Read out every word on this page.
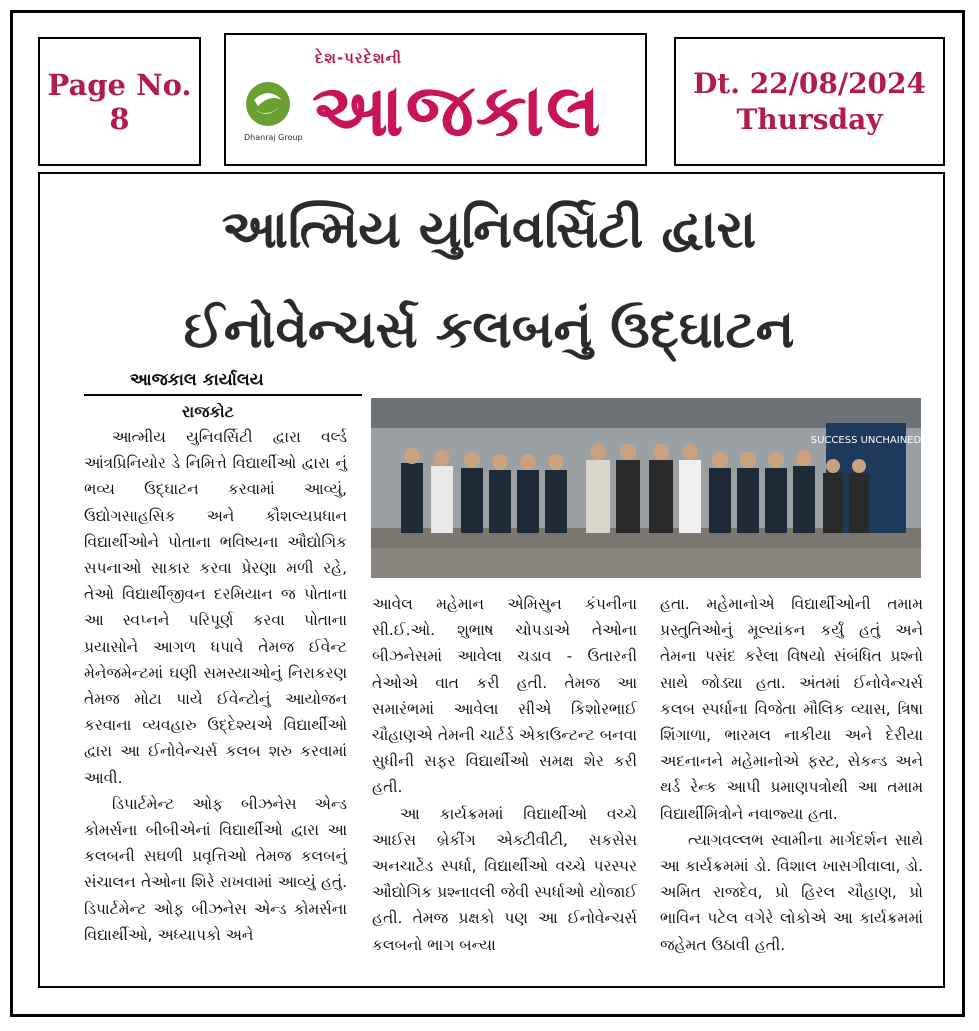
Page No.
8
Dhanraj Group
દેશ-પરદેશની
આજકાલ	Dt. 22/08/2024
Thursday
આત્મિય યુનિવર્સિટી દ્વારા
ઈનોવેન્ચર્સ કલબનું ઉદ્ઘાટન
આજકાલ કાર્યાલય
રાજકોટ
SUCCESS UNCHAINED

આત્મીય યુનિવર્સિટી દ્વારા વર્લ્ડ આંત્રપ્રિનિયોર ડે નિમિત્તે વિદ્યાર્થીઓ દ્વારા નું ભવ્ય ઉદ્ઘાટન કરવામાં આવ્યું, ઉદ્યોગસાહસિક અને કૌશલ્યપ્રધાન વિદ્યાર્થીઓને પોતાના ભવિષ્યના ઔદ્યોગિક સપનાઓ સાકાર કરવા પ્રેરણા મળી રહે, તેઓ વિદ્યાર્થીજીવન દરમિયાન જ પોતાના આ સ્વપ્નને પરિપૂર્ણ કરવા પોતાના પ્રયાસોને આગળ ધપાવે તેમજ ઈવેન્ટ મેનેજમેન્ટમાં ઘણી સમસ્યાઓનું નિરાકરણ તેમજ મોટા પાયે ઈવેન્ટોનું આયોજન કરવાના વ્યવહારુ ઉદ્દેશ્યએ વિદ્યાર્થીઓ દ્વારા આ ઈનોવેન્ચર્સ કલબ શરુ કરવામાં આવી.

ડિપાર્ટમેન્ટ ઓફ બીઝનેસ એન્ડ કોમર્સના બીબીએનાં વિદ્યાર્થીઓ દ્વારા આ કલબની સઘળી પ્રવૃત્તિઓ તેમજ કલબનું સંચાલન તેઓના શિરે રાખવામાં આવ્યું હતું. ડિપાર્ટમેન્ટ ઓફ બીઝનેસ એન્ડ કોમર્સના વિદ્યાર્થીઓ, અધ્યાપકો અને

આવેલ મહેમાન એમિસુન કંપનીના સી.ઈ.ઓ. શુભાષ ચોપડાએ તેઓના બીઝનેસમાં આવેલા ચડાવ - ઉતારની તેઓએ વાત કરી હતી. તેમજ આ સમારંભમાં આવેલા સીએ કિશોરભાઈ ચૌહાણએ તેમની ચાર્ટર્ડ એકાઉન્ટન્ટ બનવા સુધીની સફર વિદ્યાર્થીઓ સમક્ષ શેર કરી હતી.

આ કાર્યક્રમમાં વિદ્યાર્થીઓ વચ્ચે આઈસ બ્રેકીંગ એક્ટીવીટી, સકસેસ અનચાર્ટેડ સ્પર્ધા, વિદ્યાર્થીઓ વચ્ચે પરસ્પર ઔદ્યોગિક પ્રશ્નાવલી જેવી સ્પર્ધાઓ યોજાઈ હતી. તેમજ પ્રક્ષકો પણ આ ઈનોવેન્ચર્સ કલબનો ભાગ બન્યા

હતા. મહેમાનોએ વિદ્યાર્થીઓની તમામ પ્રસ્તુતિઓનું મૂલ્યાંકન કર્યું હતું અને તેમના પસંદ કરેલા વિષયો સંબંધિત પ્રશ્નો સાથે જોડ્યા હતા. અંતમાં ઈનોવેન્ચર્સ કલબ સ્પર્ધાના વિજેતા મૌલિક વ્યાસ, ત્રિષા શિંગાળા, ભારમલ નાકીયા અને દેરીયા અદનાનને મહેમાનોએ ફસ્ટ, સેકન્ડ અને થર્ડ રેન્ક આપી પ્રમાણપત્રોથી આ તમામ વિદ્યાર્થીમિત્રોને નવાજ્યા હતા.

ત્યાગવલ્લભ સ્વામીના માર્ગદર્શન સાથે આ કાર્યક્રમમાં ડો. વિશાલ ખાસગીવાલા, ડો. અમિત રાજદેવ, પ્રો હિરલ ચૌહાણ, પ્રો ભાવિન પટેલ વગેરે લોકોએ આ કાર્યક્રમમાં જહેમત ઉઠાવી હતી.
